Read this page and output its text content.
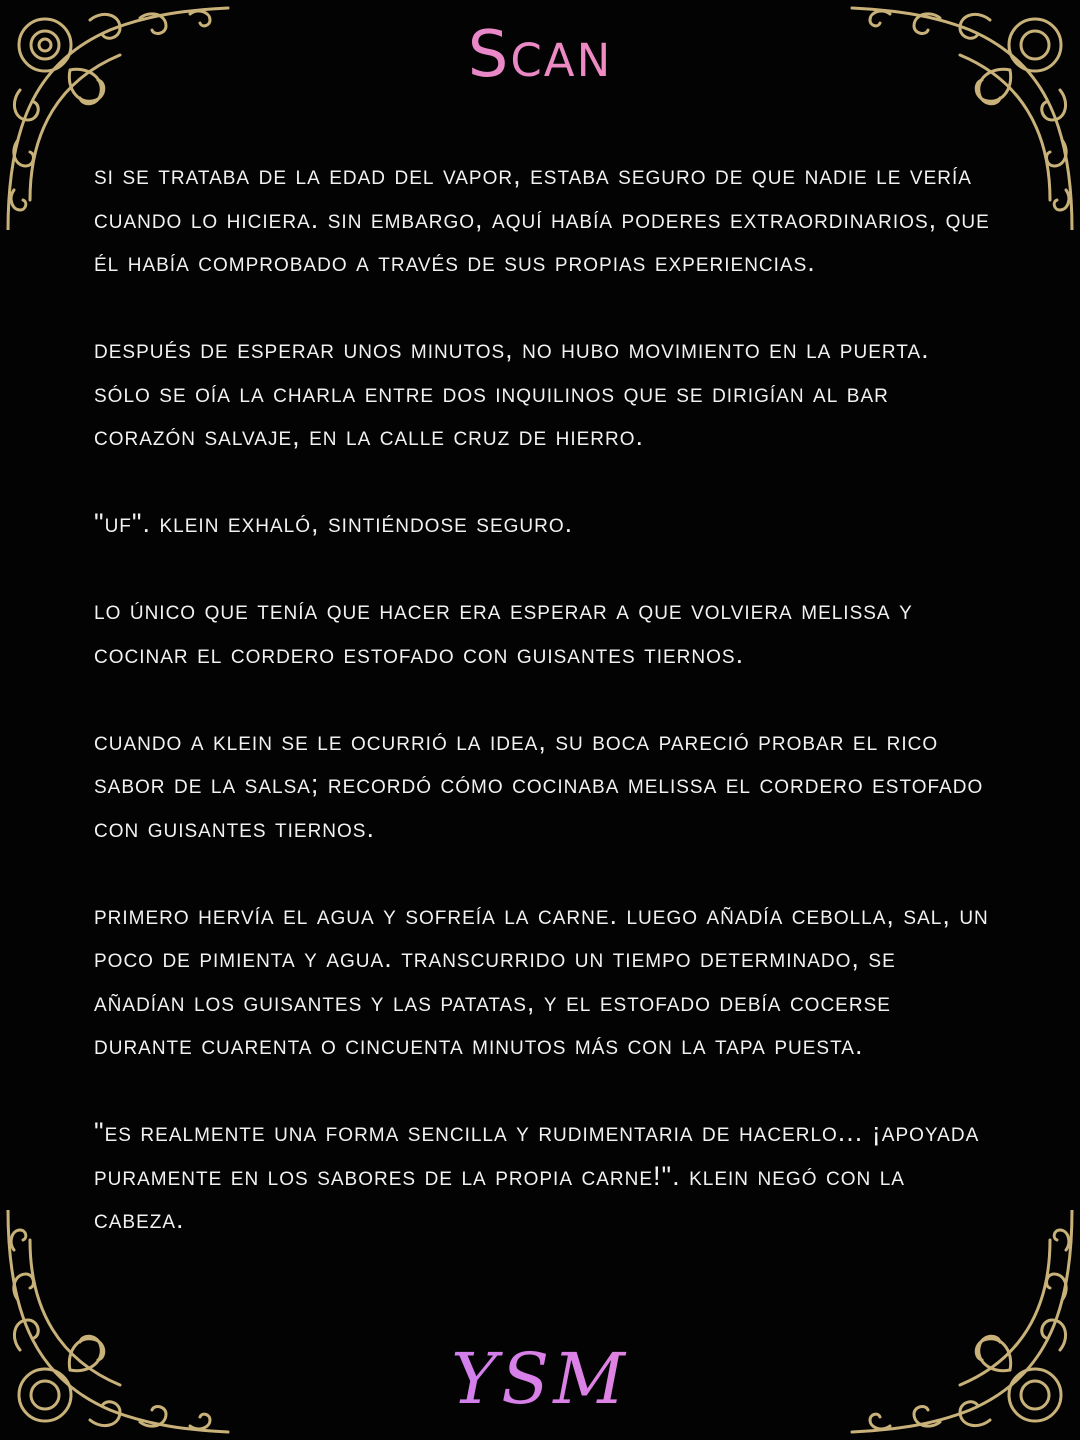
Scan

si se trataba de la edad del vapor, estaba seguro de que nadie le vería cuando lo hiciera. sin embargo, aquí había poderes extraordinarios, que él había comprobado a través de sus propias experiencias.

después de esperar unos minutos, no hubo movimiento en la puerta. sólo se oía la charla entre dos inquilinos que se dirigían al bar corazón salvaje, en la calle cruz de hierro.

"uf". klein exhaló, sintiéndose seguro.

lo único que tenía que hacer era esperar a que volviera melissa y cocinar el cordero estofado con guisantes tiernos.

cuando a klein se le ocurrió la idea, su boca pareció probar el rico sabor de la salsa; recordó cómo cocinaba melissa el cordero estofado con guisantes tiernos.

primero hervía el agua y sofreía la carne. luego añadía cebolla, sal, un poco de pimienta y agua. transcurrido un tiempo determinado, se añadían los guisantes y las patatas, y el estofado debía cocerse durante cuarenta o cincuenta minutos más con la tapa puesta.

"es realmente una forma sencilla y rudimentaria de hacerlo... ¡apoyada puramente en los sabores de la propia carne!". klein negó con la cabeza.

YSM
